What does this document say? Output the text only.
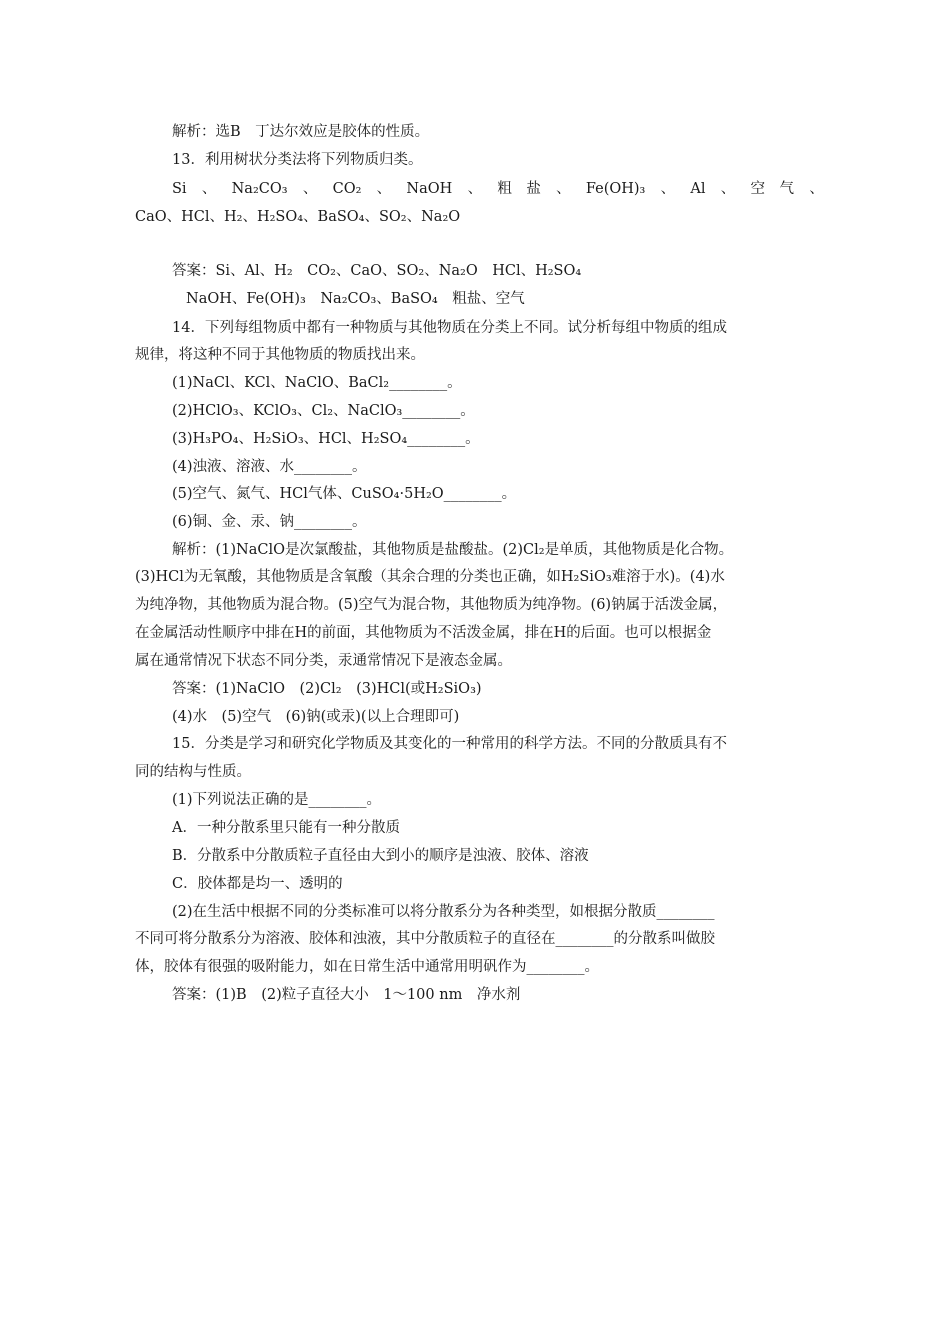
解析：选B　丁达尔效应是胶体的性质。
13．利用树状分类法将下列物质归类。
Si 、 Na₂CO₃ 、 CO₂ 、 NaOH 、 粗　盐 、 Fe(OH)₃ 、 Al 、 空　气 、
CaO、HCl、H₂、H₂SO₄、BaSO₄、SO₂、Na₂O
答案：Si、Al、H₂　CO₂、CaO、SO₂、Na₂O　HCl、H₂SO₄
NaOH、Fe(OH)₃　Na₂CO₃、BaSO₄　粗盐、空气
14．下列每组物质中都有一种物质与其他物质在分类上不同。试分析每组中物质的组成
规律，将这种不同于其他物质的物质找出来。
(1)NaCl、KCl、NaClO、BaCl₂________。
(2)HClO₃、KClO₃、Cl₂、NaClO₃________。
(3)H₃PO₄、H₂SiO₃、HCl、H₂SO₄________。
(4)浊液、溶液、水________。
(5)空气、氮气、HCl气体、CuSO₄·5H₂O________。
(6)铜、金、汞、钠________。
解析：(1)NaClO是次氯酸盐，其他物质是盐酸盐。(2)Cl₂是单质，其他物质是化合物。
(3)HCl为无氧酸，其他物质是含氧酸（其余合理的分类也正确，如H₂SiO₃难溶于水)。(4)水
为纯净物，其他物质为混合物。(5)空气为混合物，其他物质为纯净物。(6)钠属于活泼金属，
在金属活动性顺序中排在H的前面，其他物质为不活泼金属，排在H的后面。也可以根据金
属在通常情况下状态不同分类，汞通常情况下是液态金属。
答案：(1)NaClO　(2)Cl₂　(3)HCl(或H₂SiO₃)
(4)水　(5)空气　(6)钠(或汞)(以上合理即可)
15．分类是学习和研究化学物质及其变化的一种常用的科学方法。不同的分散质具有不
同的结构与性质。
(1)下列说法正确的是________。
A．一种分散系里只能有一种分散质
B．分散系中分散质粒子直径由大到小的顺序是浊液、胶体、溶液
C．胶体都是均一、透明的
(2)在生活中根据不同的分类标准可以将分散系分为各种类型，如根据分散质________
不同可将分散系分为溶液、胶体和浊液，其中分散质粒子的直径在________的分散系叫做胶
体，胶体有很强的吸附能力，如在日常生活中通常用明矾作为________。
答案：(1)B　(2)粒子直径大小　1～100 nm　净水剂
